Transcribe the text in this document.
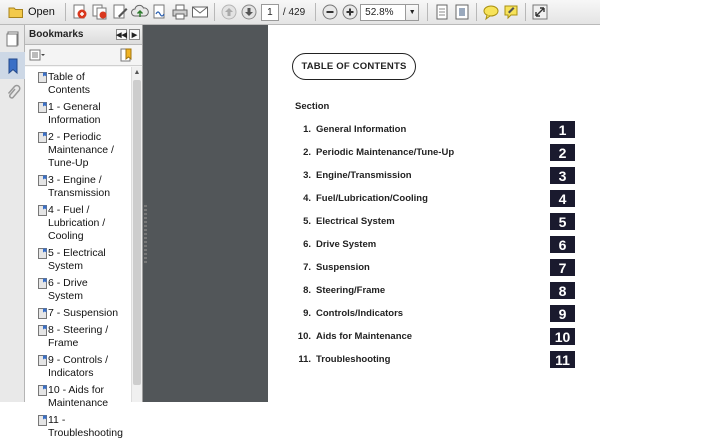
Open	1	/ 429	52.8%	▼
Bookmarks	◀◀ ▶
Table of Contents
1 - General Information
2 - Periodic Maintenance / Tune-Up
3 - Engine / Transmission
4 - Fuel / Lubrication / Cooling
5 - Electrical System
6 - Drive System
7 - Suspension
8 - Steering / Frame
9 - Controls / Indicators
10 - Aids for Maintenance
11 - Troubleshooting
▲
TABLE OF CONTENTS
Section
1. General Information	1
2. Periodic Maintenance/Tune-Up	2
3. Engine/Transmission	3
4. Fuel/Lubrication/Cooling	4
5. Electrical System	5
6. Drive System	6
7. Suspension	7
8. Steering/Frame	8
9. Controls/Indicators	9
10. Aids for Maintenance	10
11. Troubleshooting	11
